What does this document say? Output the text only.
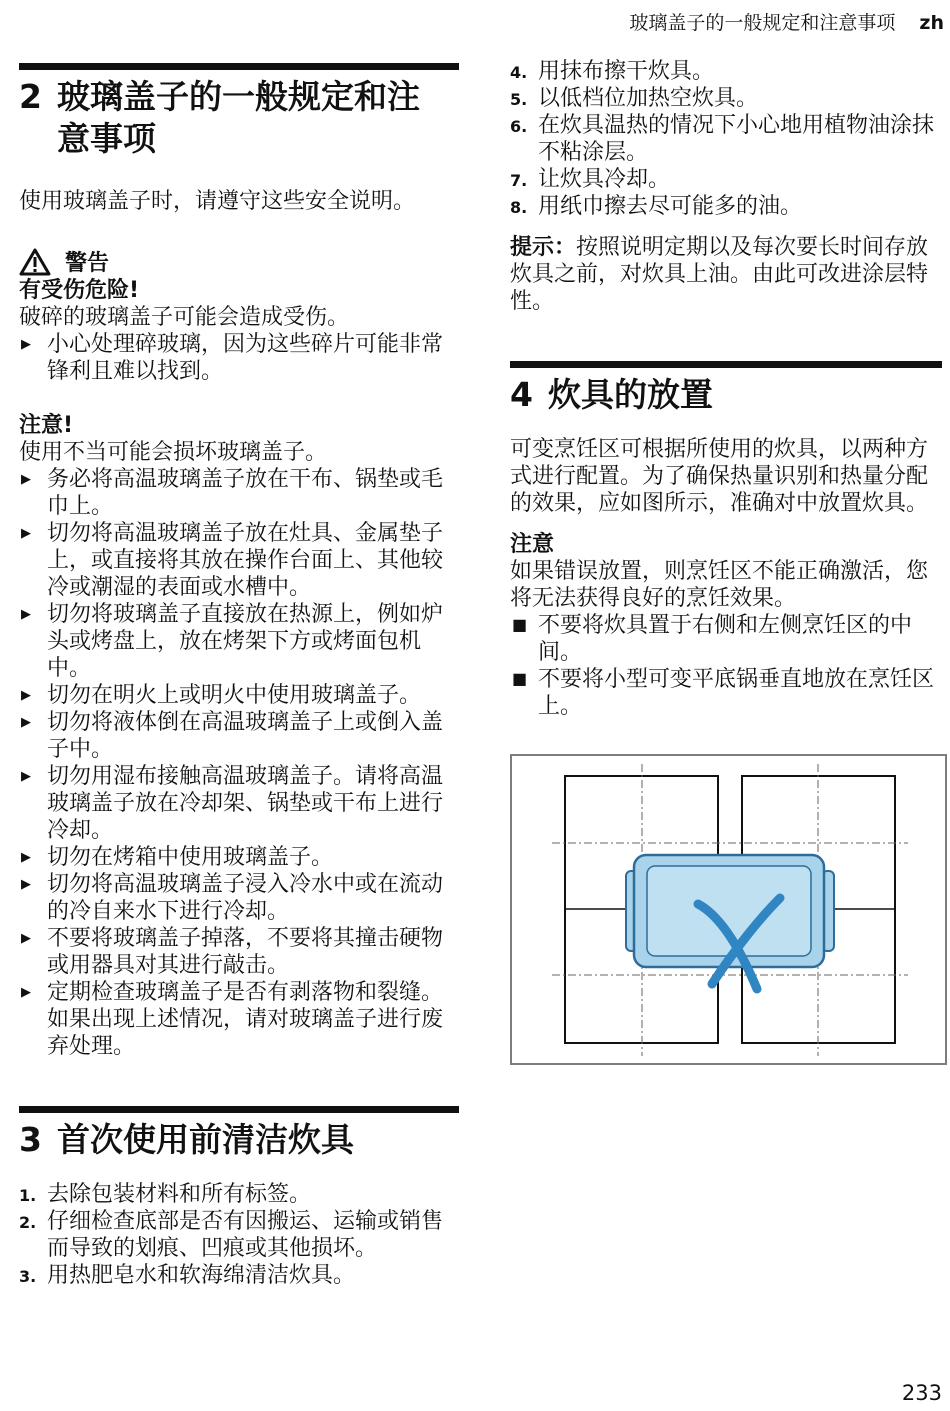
玻璃盖子的一般规定和注意事项 zh
2 玻璃盖子的一般规定和注
意事项

使用玻璃盖子时，请遵守这些安全说明。

警告

有受伤危险!

破碎的玻璃盖子可能会造成受伤。

▶ 小心处理碎玻璃，因为这些碎片可能非常锋利且难以找到。

注意!

使用不当可能会损坏玻璃盖子。

▶ 务必将高温玻璃盖子放在干布、锅垫或毛巾上。
▶ 切勿将高温玻璃盖子放在灶具、金属垫子上，或直接将其放在操作台面上、其他较冷或潮湿的表面或水槽中。
▶ 切勿将玻璃盖子直接放在热源上，例如炉头或烤盘上，放在烤架下方或烤面包机中。
▶ 切勿在明火上或明火中使用玻璃盖子。
▶ 切勿将液体倒在高温玻璃盖子上或倒入盖子中。
▶ 切勿用湿布接触高温玻璃盖子。请将高温玻璃盖子放在冷却架、锅垫或干布上进行冷却。
▶ 切勿在烤箱中使用玻璃盖子。
▶ 切勿将高温玻璃盖子浸入冷水中或在流动的冷自来水下进行冷却。
▶ 不要将玻璃盖子掉落，不要将其撞击硬物或用器具对其进行敲击。
▶ 定期检查玻璃盖子是否有剥落物和裂缝。如果出现上述情况，请对玻璃盖子进行废弃处理。
3 首次使用前清洁炊具
1. 去除包装材料和所有标签。
2. 仔细检查底部是否有因搬运、运输或销售而导致的划痕、凹痕或其他损坏。
3. 用热肥皂水和软海绵清洁炊具。
4. 用抹布擦干炊具。
5. 以低档位加热空炊具。
6. 在炊具温热的情况下小心地用植物油涂抹不粘涂层。
7. 让炊具冷却。
8. 用纸巾擦去尽可能多的油。

提示：按照说明定期以及每次要长时间存放炊具之前，对炊具上油。由此可改进涂层特性。

4 炊具的放置

可变烹饪区可根据所使用的炊具，以两种方式进行配置。为了确保热量识别和热量分配的效果，应如图所示，准确对中放置炊具。

注意

如果错误放置，则烹饪区不能正确激活，您将无法获得良好的烹饪效果。

■ 不要将炊具置于右侧和左侧烹饪区的中间。
■ 不要将小型可变平底锅垂直地放在烹饪区上。
233
